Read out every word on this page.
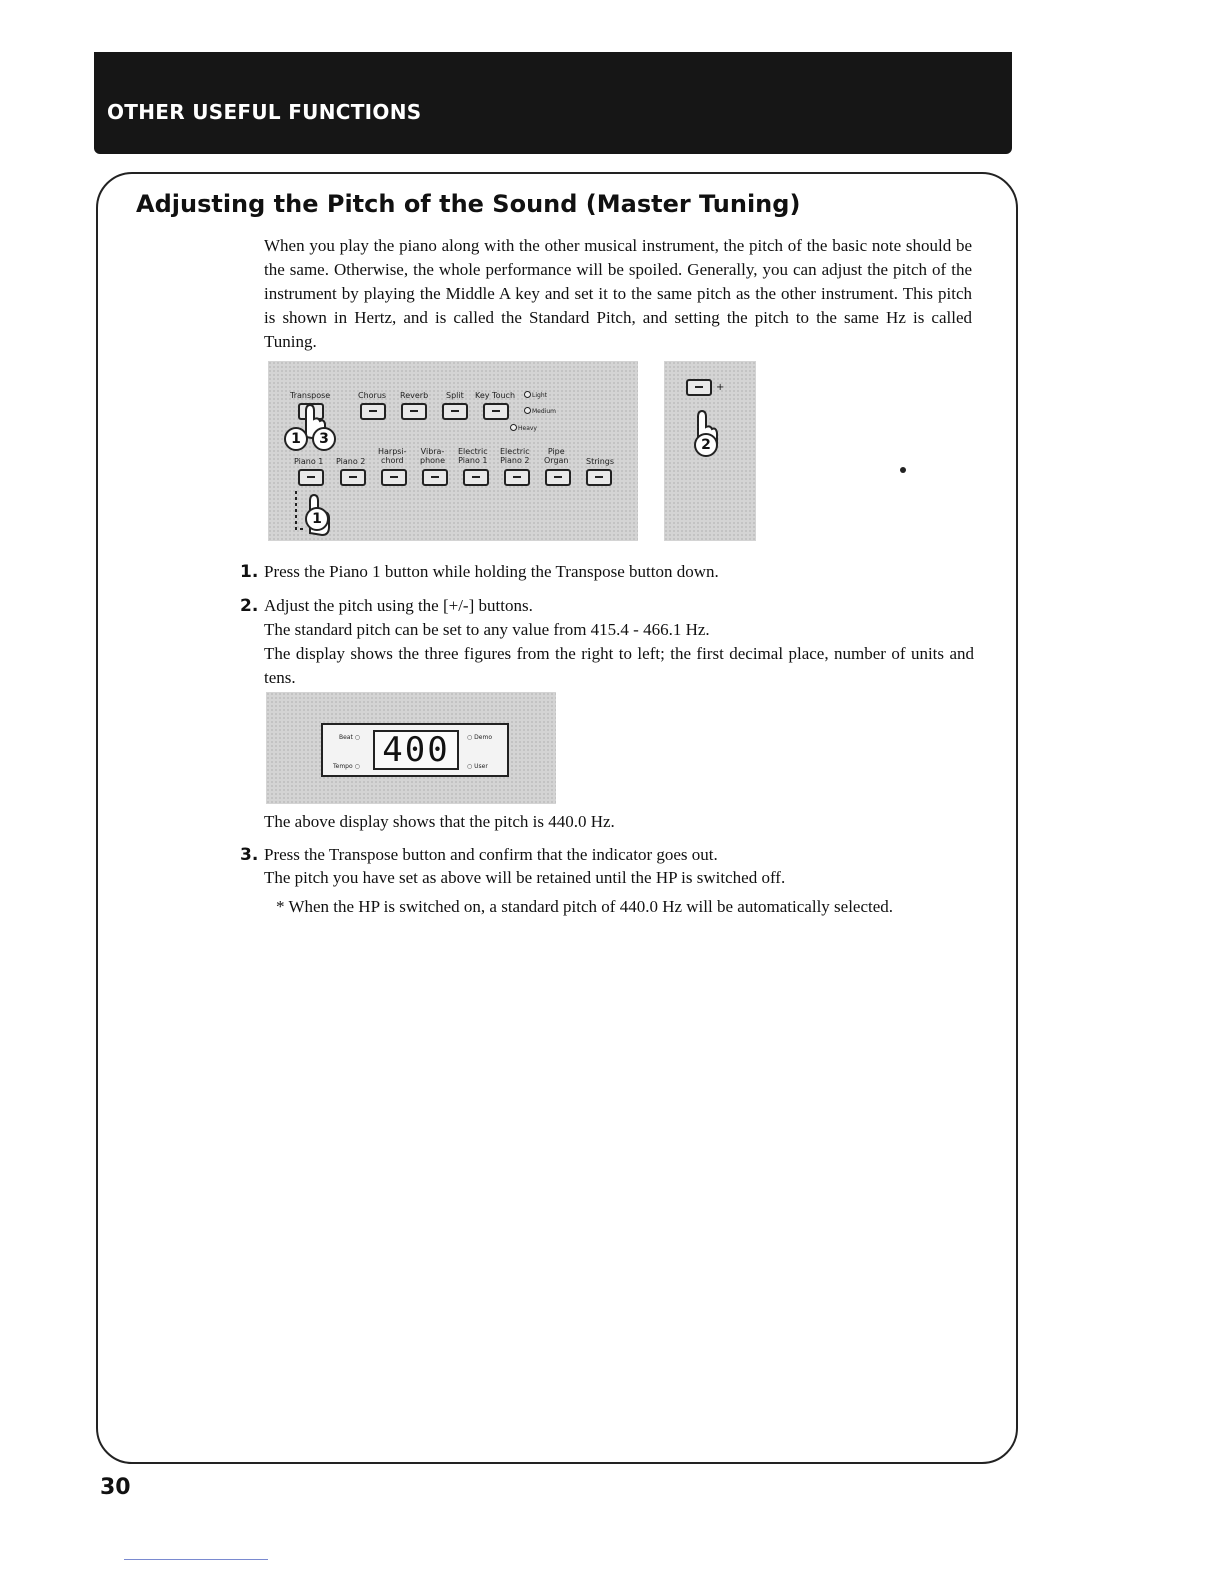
OTHER USEFUL FUNCTIONS
Adjusting the Pitch of the Sound (Master Tuning)

When you play the piano along with the other musical instrument, the pitch of the basic note should be the same. Otherwise, the whole performance will be spoiled. Generally, you can adjust the pitch of the instrument by playing the Middle A key and set it to the same pitch as the other instrument. This pitch is shown in Hertz, and is called the Standard Pitch, and setting the pitch to the same Hz is called Tuning.

Transpose	Chorus Reverb Split Key Touch	Light
Medium
Heavy
Piano 1 Piano 2
Harpsi-
chord
Vibra-
phone
Electric
Piano 1
Electric
Piano 2
Pipe
Organ Strings
1	3
1
+
2

1. Press the Piano 1 button while holding the Transpose button down.

2. Adjust the pitch using the [+/-] buttons.

The standard pitch can be set to any value from 415.4 - 466.1 Hz.

The display shows the three figures from the right to left; the first decimal place, number of units and tens.

Beat ○
Tempo ○ 400	○ Demo
○ User

The above display shows that the pitch is 440.0 Hz.

3. Press the Transpose button and confirm that the indicator goes out.

The pitch you have set as above will be retained until the HP is switched off.

* When the HP is switched on, a standard pitch of 440.0 Hz will be automatically selected.

30
